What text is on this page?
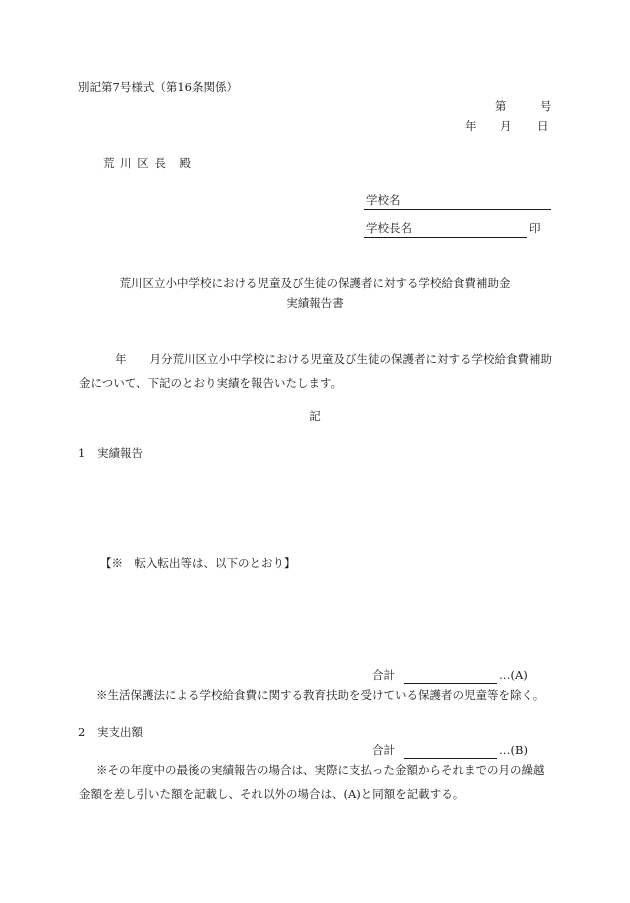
別記第7号様式（第16条関係）
第	号
年 月 日
荒 川 区 長　殿
学校名
学校長名	印
荒川区立小中学校における児童及び生徒の保護者に対する学校給食費補助金
実績報告書
年　　月分荒川区立小中学校における児童及び生徒の保護者に対する学校給食費補助金について、下記のとおり実績を報告いたします。
記
1 実績報告
【※　転入転出等は、以下のとおり】
合計	…(A)
※生活保護法による学校給食費に関する教育扶助を受けている保護者の児童等を除く。
2 実支出額
合計	…(B)
※その年度中の最後の実績報告の場合は、実際に支払った金額からそれまでの月の繰越金額を差し引いた額を記載し、それ以外の場合は、(A)と同額を記載する。
